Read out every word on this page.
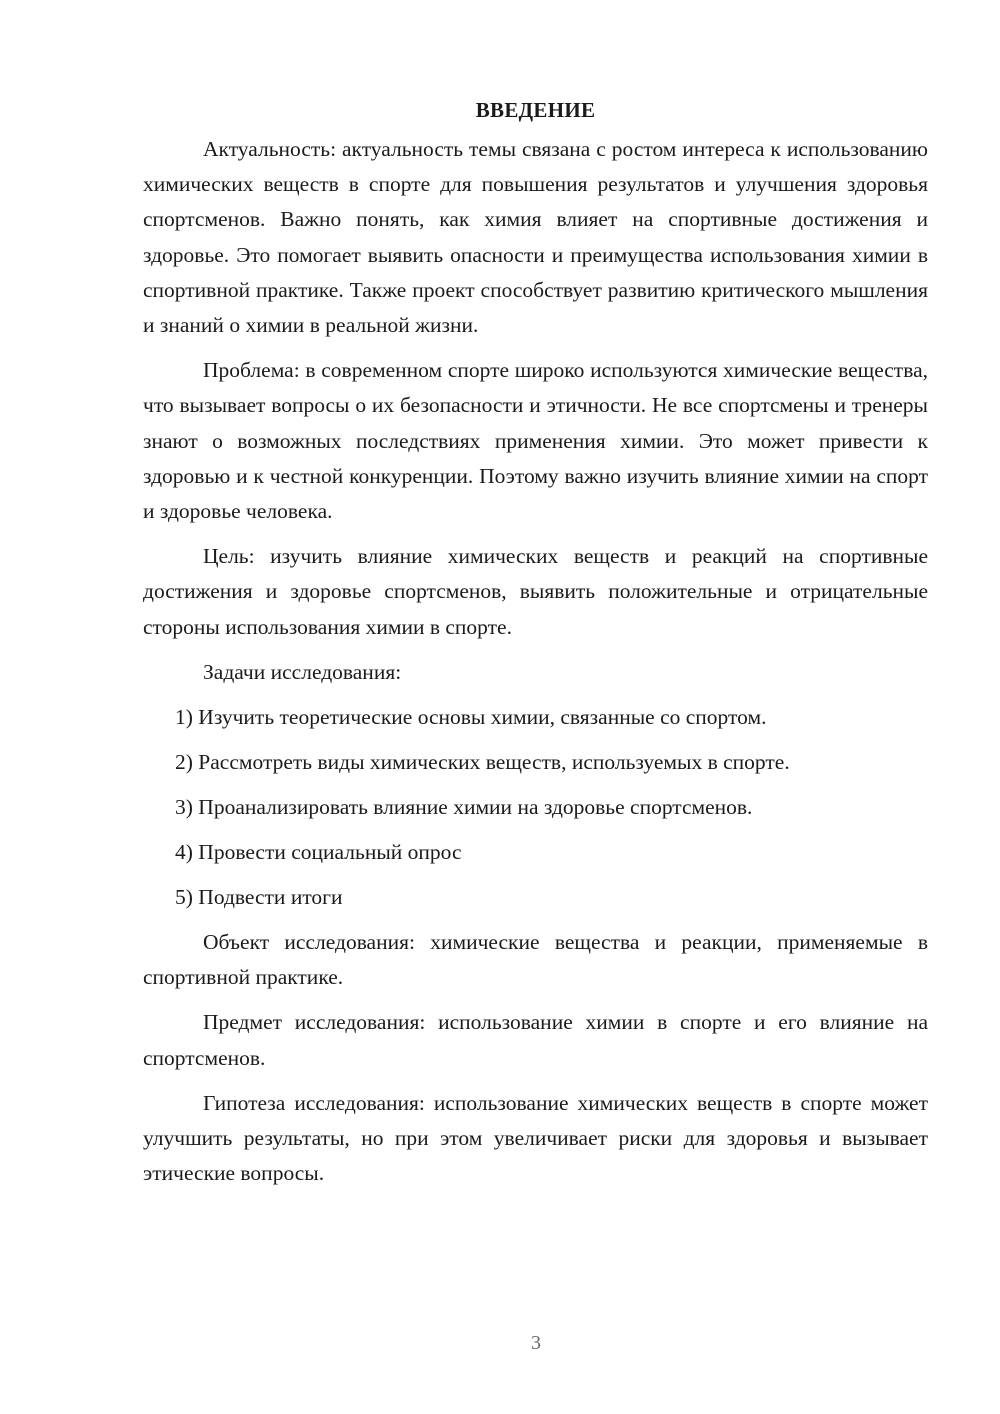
ВВЕДЕНИЕ

Актуальность: актуальность темы связана с ростом интереса к использованию химических веществ в спорте для повышения результатов и улучшения здоровья спортсменов. Важно понять, как химия влияет на спортивные достижения и здоровье. Это помогает выявить опасности и преимущества использования химии в спортивной практике. Также проект способствует развитию критического мышления и знаний о химии в реальной жизни.

Проблема: в современном спорте широко используются химические вещества, что вызывает вопросы о их безопасности и этичности. Не все спортсмены и тренеры знают о возможных последствиях применения химии. Это может привести к здоровью и к честной конкуренции. Поэтому важно изучить влияние химии на спорт и здоровье человека.

Цель: изучить влияние химических веществ и реакций на спортивные достижения и здоровье спортсменов, выявить положительные и отрицательные стороны использования химии в спорте.

Задачи исследования:

1) Изучить теоретические основы химии, связанные со спортом.
2) Рассмотреть виды химических веществ, используемых в спорте.
3) Проанализировать влияние химии на здоровье спортсменов.
4) Провести социальный опрос
5) Подвести итоги

Объект исследования: химические вещества и реакции, применяемые в спортивной практике.

Предмет исследования: использование химии в спорте и его влияние на спортсменов.

Гипотеза исследования: использование химических веществ в спорте может улучшить результаты, но при этом увеличивает риски для здоровья и вызывает этические вопросы.

3
